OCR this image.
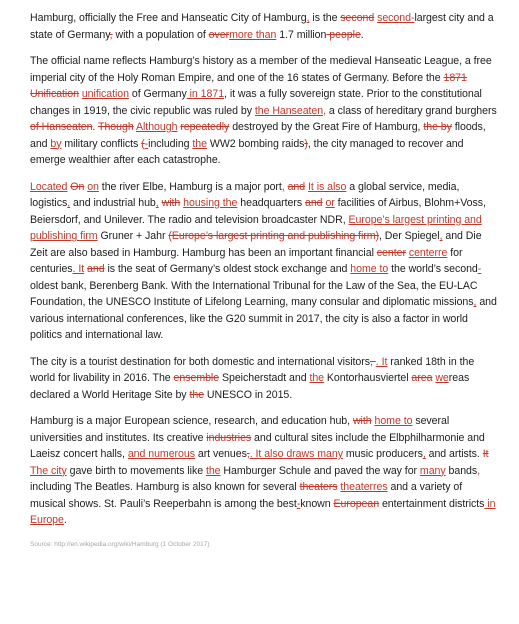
Hamburg, officially the Free and Hanseatic City of Hamburg, is the second second-largest city and a state of Germany, with a population of overmore than 1.7 million people.

The official name reflects Hamburg’s history as a member of the medieval Hanseatic League, a free imperial city of the Holy Roman Empire, and one of the 16 states of Germany. Before the 1871 Unification unification of Germany in 1871, it was a fully sovereign state. Prior to the constitutional changes in 1919, the civic republic was ruled by the Hanseaten, a class of hereditary grand burghers of Hanseaten. Though Although repeatedly destroyed by the Great Fire of Hamburg, the by floods, and by military conflicts (-including the WW2 bombing raids), the city managed to recover and emerge wealthier after each catastrophe.

Located On on the river Elbe, Hamburg is a major port, and It is also a global service, media, logistics, and industrial hub, with housing the headquarters and or facilities of Airbus, Blohm+Voss, Beiersdorf, and Unilever. The radio and television broadcaster NDR, Europe’s largest printing and publishing firm Gruner + Jahr (Europe’s largest printing and publishing firm), Der Spiegel, and Die Zeit are also based in Hamburg. Hamburg has been an important financial center centerre for centuries. It and is the seat of Germany’s oldest stock exchange and home to the world’s second-oldest bank, Berenberg Bank. With the International Tribunal for the Law of the Sea, the EU-LAC Foundation, the UNESCO Institute of Lifelong Learning, many consular and diplomatic missions, and various international conferences, like the G20 summit in 2017, the city is also a factor in world politics and international law.

The city is a tourist destination for both domestic and international visitors, . It ranked 18th in the world for livability in 2016. The ensemble Speicherstadt and the Kontorhausviertel area wereas declared a World Heritage Site by the UNESCO in 2015.

Hamburg is a major European science, research, and education hub, with home to several universities and institutes. Its creative industries and cultural sites include the Elbphilharmonie and Laeisz concert halls, and numerous art venues,. It also draws many music producers, and artists. It The city gave birth to movements like the Hamburger Schule and paved the way for many bands, including The Beatles. Hamburg is also known for several theaters theaterres and a variety of musical shows. St. Pauli’s Reeperbahn is among the best-known European entertainment districts in Europe.

Source: http://en.wikipedia.org/wiki/Hamburg (1 October 2017)
